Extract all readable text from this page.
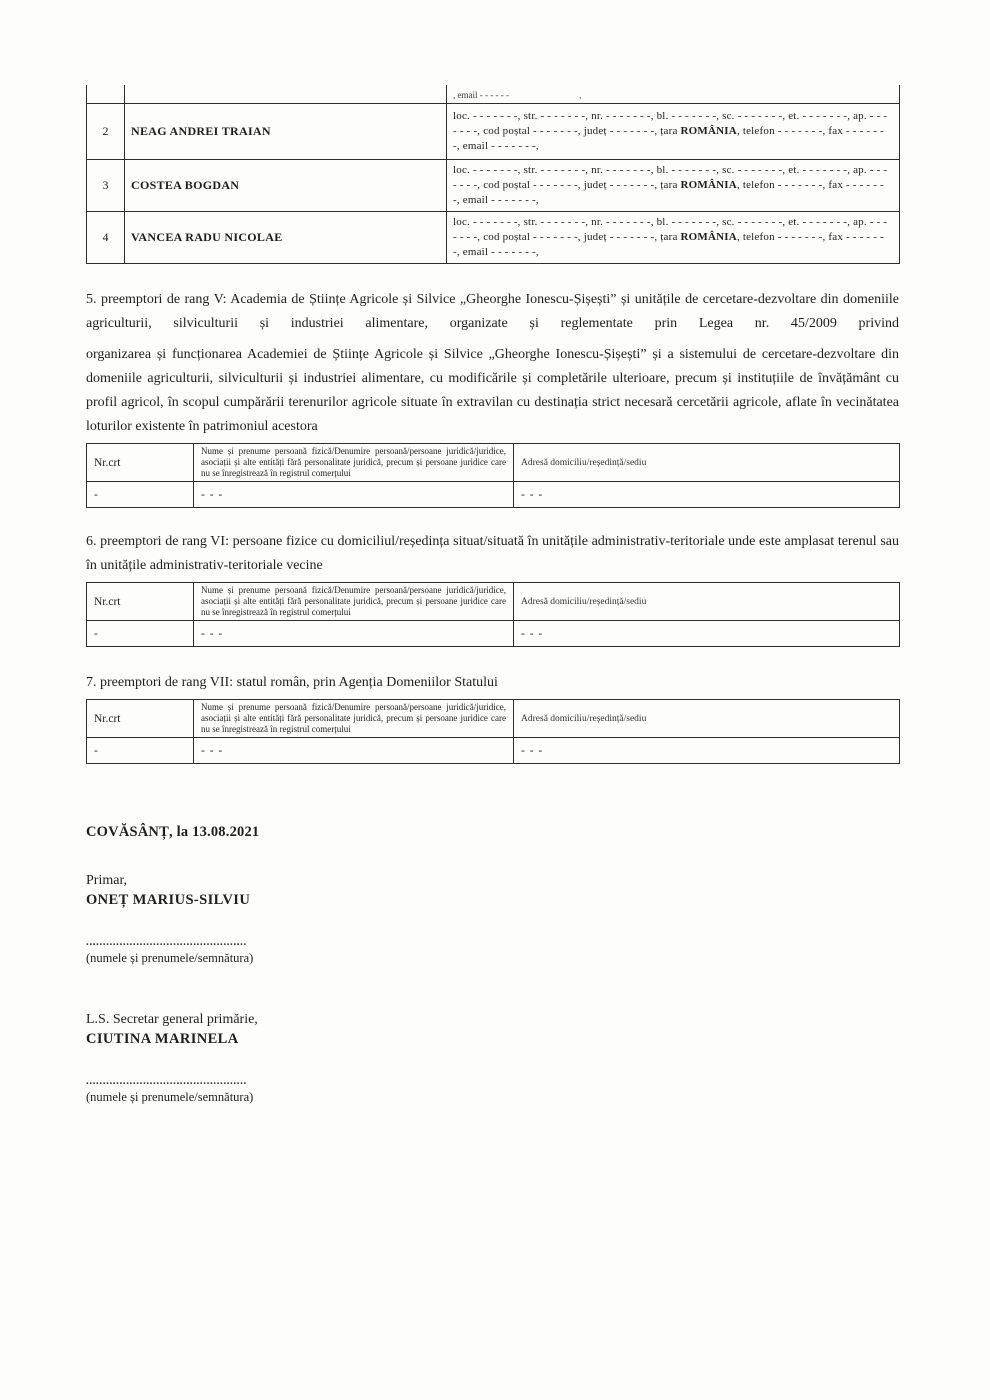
		, email - - - - - - ,
2	NEAG ANDREI TRAIAN	loc. - - - - - - -, str. - - - - - - -, nr. - - - - - - -, bl. - - - - - - -, sc. - - - - - - -, et. - - - - - - -, ap. - - - - - - -, cod poștal - - - - - - -, județ - - - - - - -, țara ROMÂNIA, telefon - - - - - - -, fax - - - - - - -, email - - - - - - -,
3	COSTEA BOGDAN	loc. - - - - - - -, str. - - - - - - -, nr. - - - - - - -, bl. - - - - - - -, sc. - - - - - - -, et. - - - - - - -, ap. - - - - - - -, cod poștal - - - - - - -, județ - - - - - - -, țara ROMÂNIA, telefon - - - - - - -, fax - - - - - - -, email - - - - - - -,
4	VANCEA RADU NICOLAE	loc. - - - - - - -, str. - - - - - - -, nr. - - - - - - -, bl. - - - - - - -, sc. - - - - - - -, et. - - - - - - -, ap. - - - - - - -, cod poștal - - - - - - -, județ - - - - - - -, țara ROMÂNIA, telefon - - - - - - -, fax - - - - - - -, email - - - - - - -,

5. preemptori de rang V: Academia de Științe Agricole și Silvice „Gheorghe Ionescu-Șișești” și unitățile de cercetare-dezvoltare din domeniile agriculturii, silviculturii și industriei alimentare, organizate și reglementate prin Legea nr. 45/2009 privind

organizarea și funcționarea Academiei de Științe Agricole și Silvice „Gheorghe Ionescu-Șișești” și a sistemului de cercetare-dezvoltare din domeniile agriculturii, silviculturii și industriei alimentare, cu modificările și completările ulterioare, precum și instituțiile de învățământ cu profil agricol, în scopul cumpărării terenurilor agricole situate în extravilan cu destinația strict necesară cercetării agricole, aflate în vecinătatea loturilor existente în patrimoniul acestora

Nr.crt	Nume și prenume persoană fizică/Denumire persoană/persoane juridică/juridice, asociații și alte entități fără personalitate juridică, precum și persoane juridice care nu se înregistrează în registrul comerțului	Adresă domiciliu/reședință/sediu
-	- - -	- - -

6. preemptori de rang VI: persoane fizice cu domiciliul/reședința situat/situată în unitățile administrativ-teritoriale unde este amplasat terenul sau în unitățile administrativ-teritoriale vecine

Nr.crt	Nume și prenume persoană fizică/Denumire persoană/persoane juridică/juridice, asociații și alte entități fără personalitate juridică, precum și persoane juridice care nu se înregistrează în registrul comerțului	Adresă domiciliu/reședință/sediu
-	- - -	- - -

7. preemptori de rang VII: statul român, prin Agenția Domeniilor Statului

Nr.crt	Nume și prenume persoană fizică/Denumire persoană/persoane juridică/juridice, asociații și alte entități fără personalitate juridică, precum și persoane juridice care nu se înregistrează în registrul comerțului	Adresă domiciliu/reședință/sediu
-	- - -	- - -
COVĂSÂNȚ, la 13.08.2021
Primar,
ONEȚ MARIUS-SILVIU
................................................
(numele și prenumele/semnătura)
L.S. Secretar general primărie,
CIUTINA MARINELA
................................................
(numele și prenumele/semnătura)
